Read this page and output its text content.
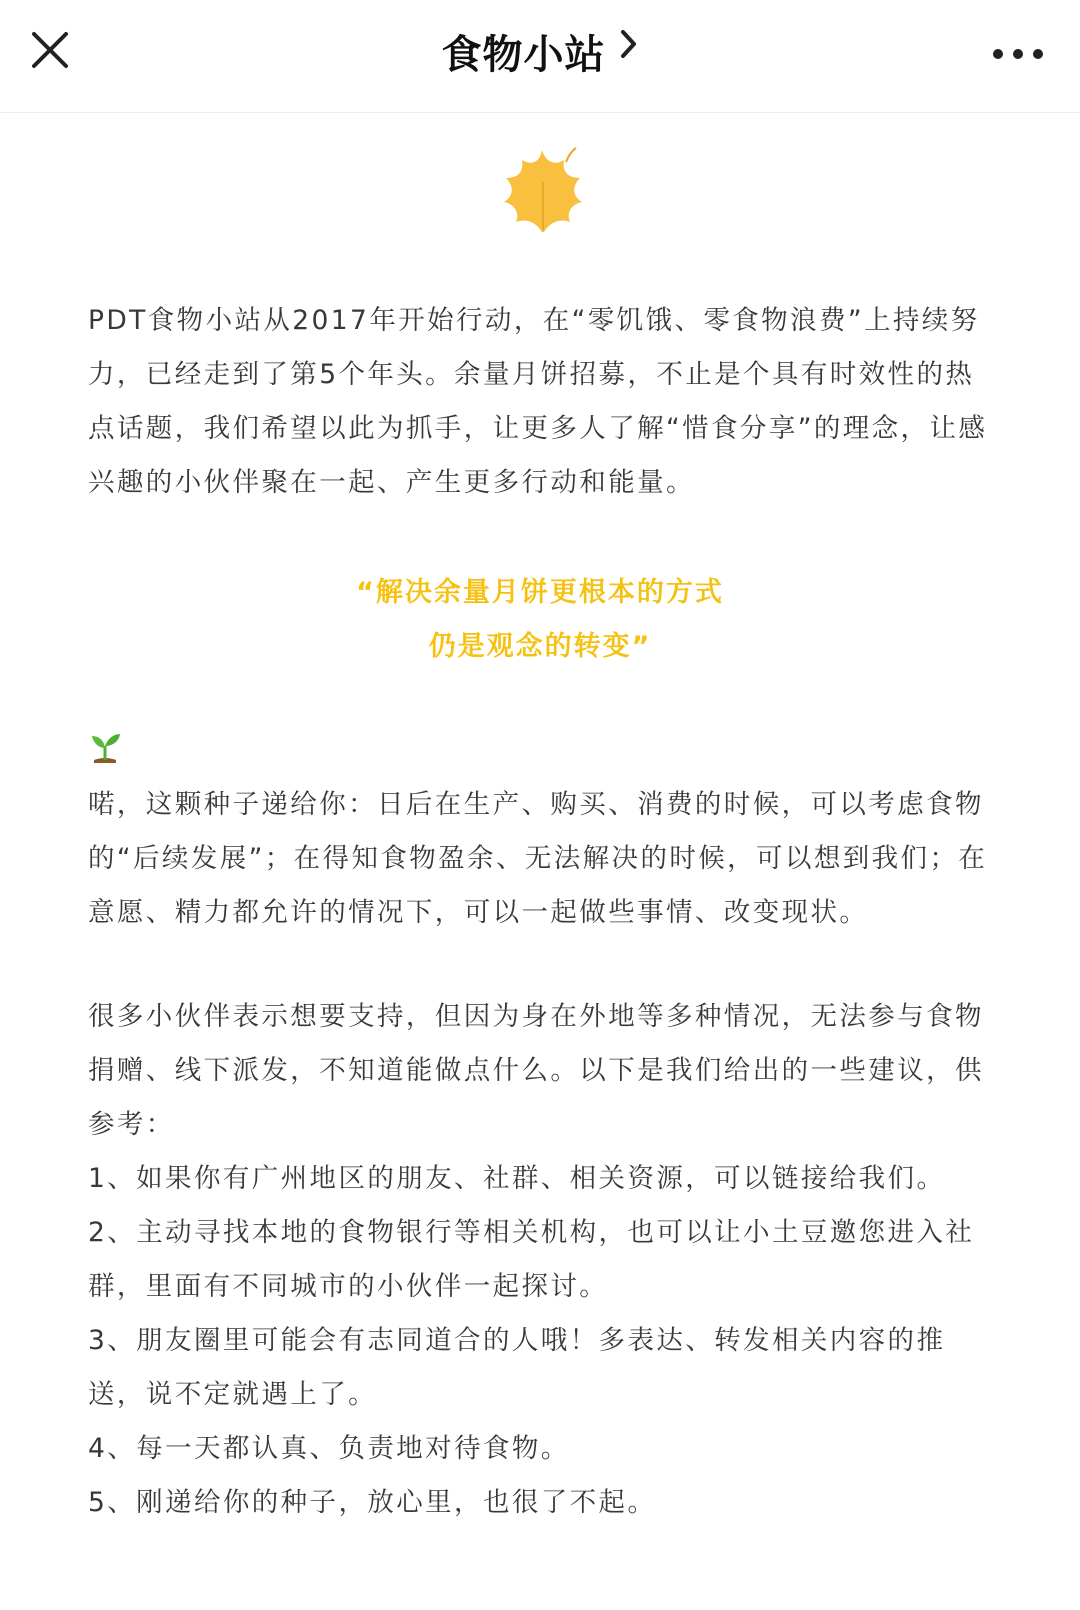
食物小站

PDT食物小站从2017年开始行动，在“零饥饿、零食物浪费”上持续努力，已经走到了第5个年头。余量月饼招募，不止是个具有时效性的热点话题，我们希望以此为抓手，让更多人了解“惜食分享”的理念，让感兴趣的小伙伴聚在一起、产生更多行动和能量。

“解决余量月饼更根本的方式
仍是观念的转变”

喏，这颗种子递给你：日后在生产、购买、消费的时候，可以考虑食物的“后续发展”；在得知食物盈余、无法解决的时候，可以想到我们；在意愿、精力都允许的情况下，可以一起做些事情、改变现状。

很多小伙伴表示想要支持，但因为身在外地等多种情况，无法参与食物捐赠、线下派发，不知道能做点什么。以下是我们给出的一些建议，供参考：

1、如果你有广州地区的朋友、社群、相关资源，可以链接给我们。

2、主动寻找本地的食物银行等相关机构，也可以让小土豆邀您进入社群，里面有不同城市的小伙伴一起探讨。

3、朋友圈里可能会有志同道合的人哦！多表达、转发相关内容的推送，说不定就遇上了。

4、每一天都认真、负责地对待食物。

5、刚递给你的种子，放心里，也很了不起。
